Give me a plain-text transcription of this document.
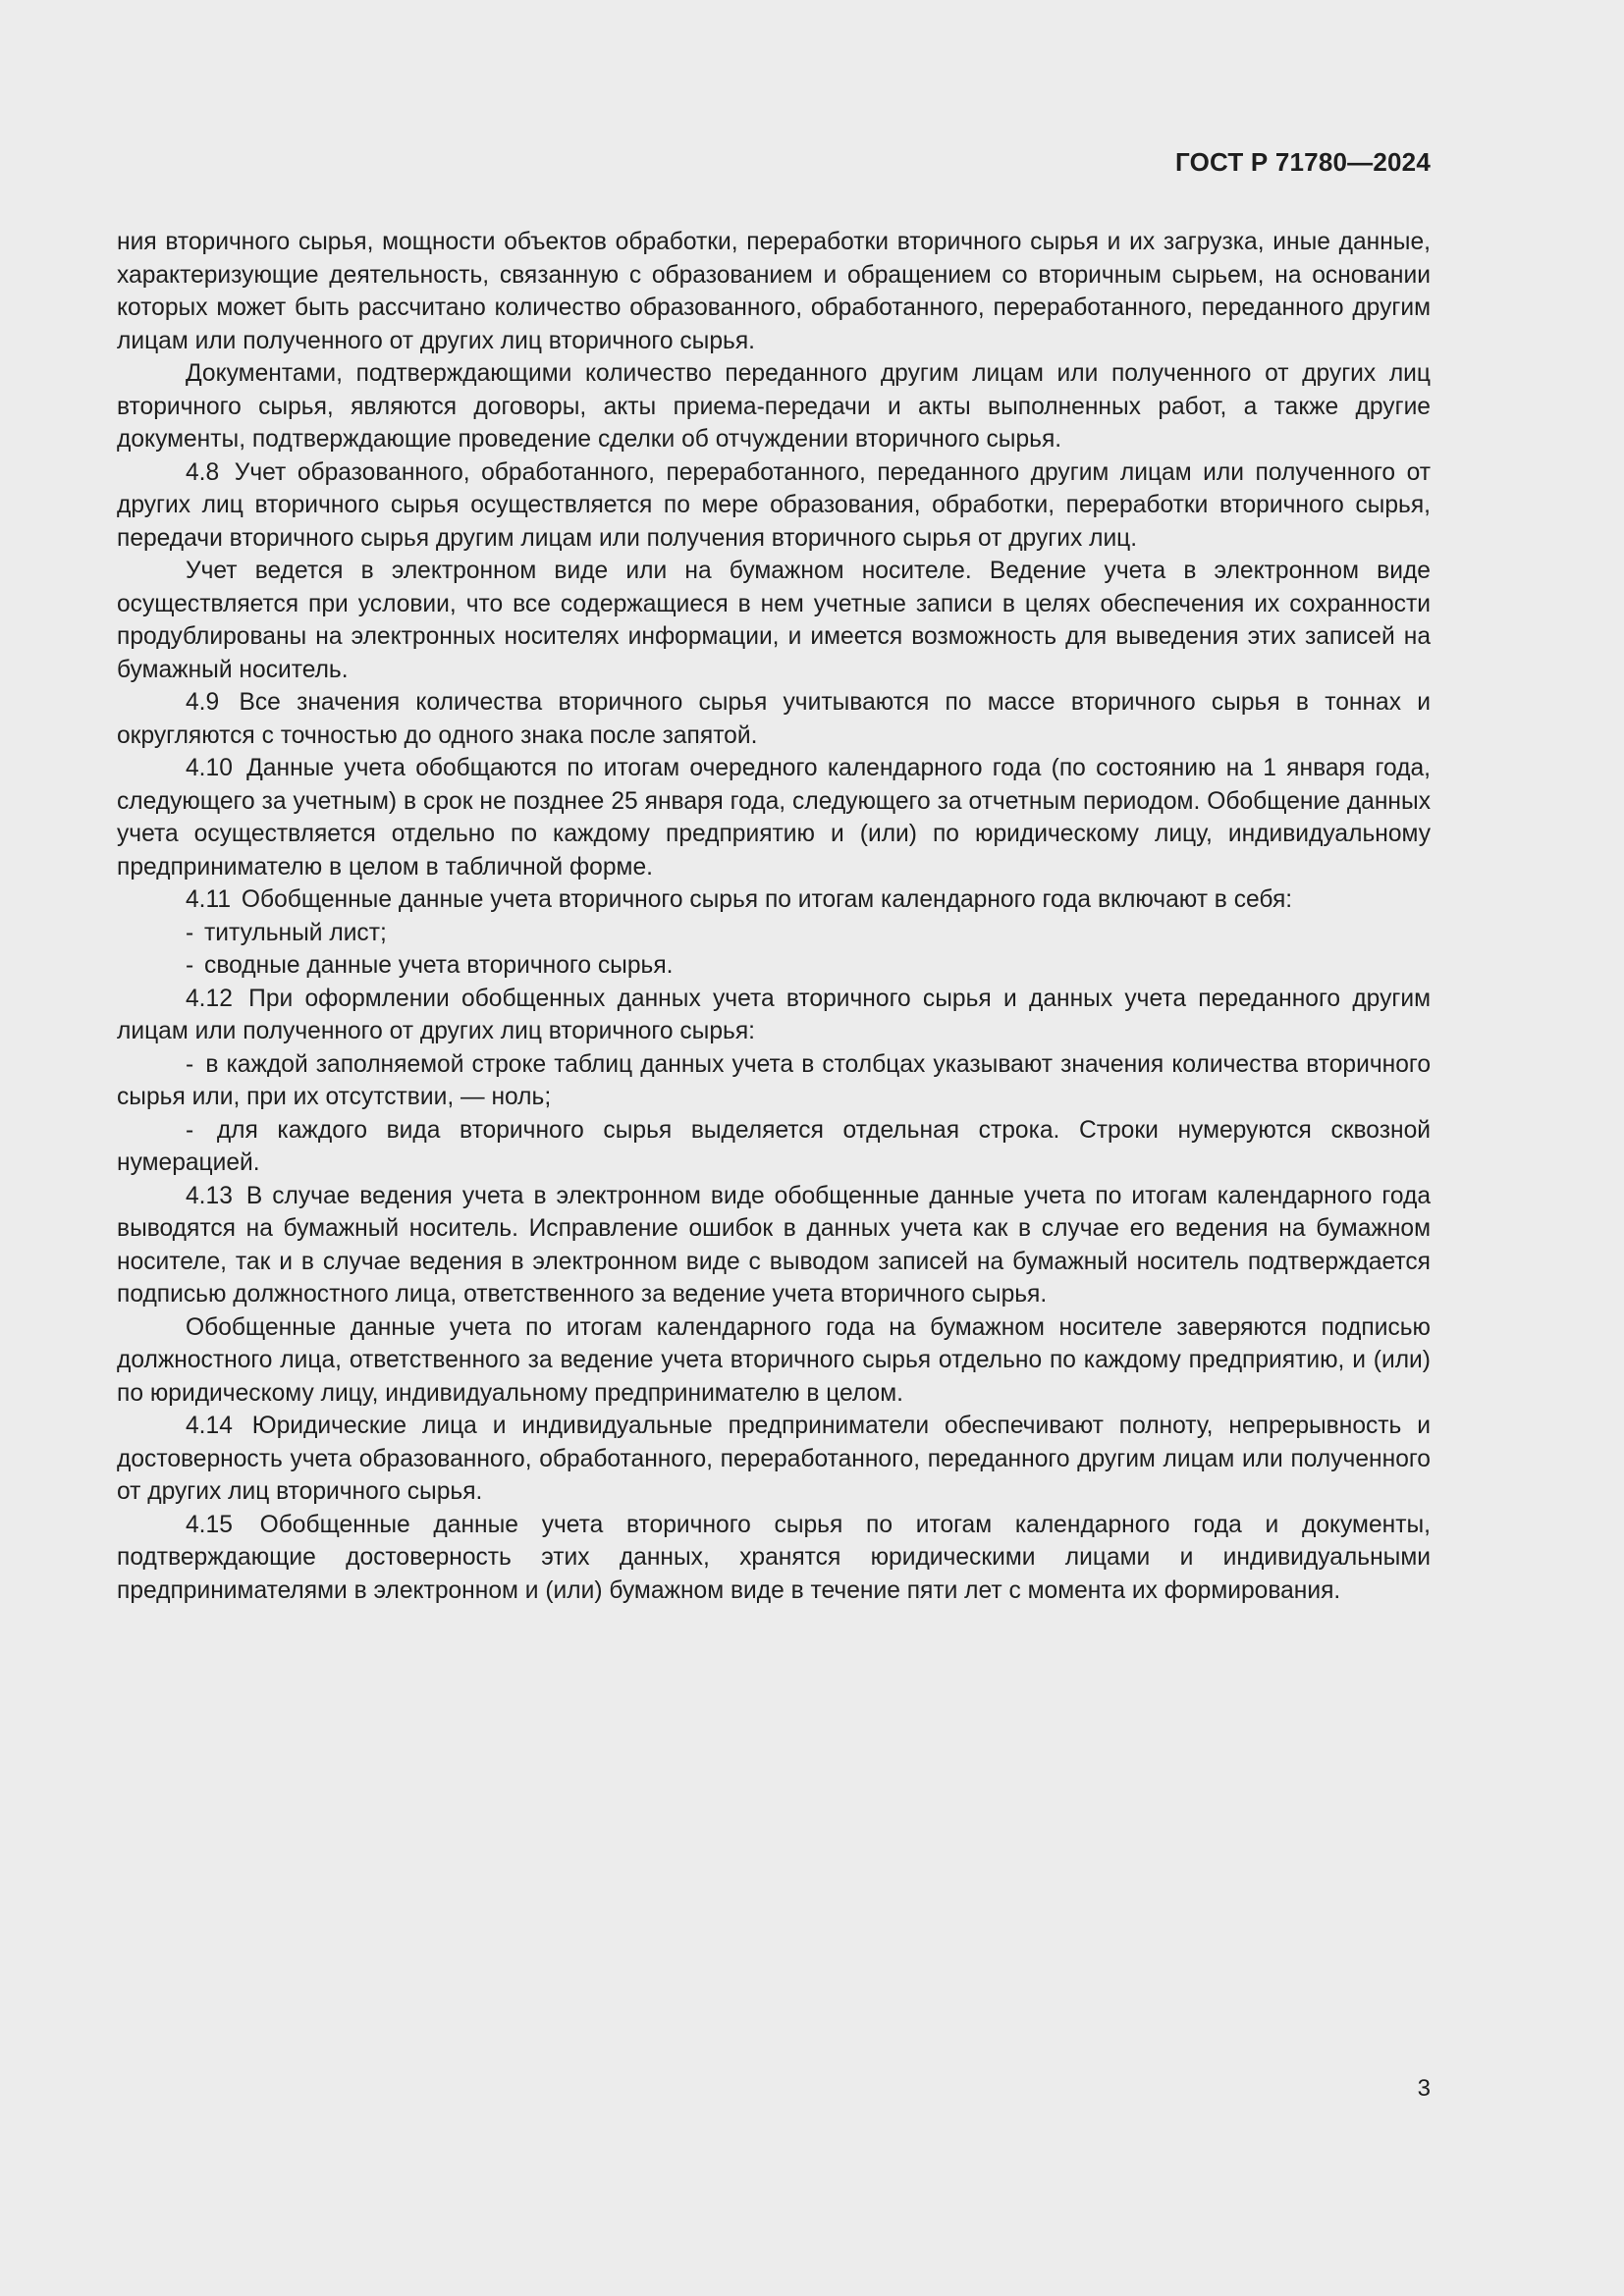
ГОСТ Р 71780—2024

ния вторичного сырья, мощности объектов обработки, переработки вторичного сырья и их загрузка, иные данные, характеризующие деятельность, связанную с образованием и обращением со вторичным сырьем, на основании которых может быть рассчитано количество образованного, обработанного, переработанного, переданного другим лицам или полученного от других лиц вторичного сырья.

Документами, подтверждающими количество переданного другим лицам или полученного от других лиц вторичного сырья, являются договоры, акты приема-передачи и акты выполненных работ, а также другие документы, подтверждающие проведение сделки об отчуждении вторичного сырья.

4.8 Учет образованного, обработанного, переработанного, переданного другим лицам или полученного от других лиц вторичного сырья осуществляется по мере образования, обработки, переработки вторичного сырья, передачи вторичного сырья другим лицам или получения вторичного сырья от других лиц.

Учет ведется в электронном виде или на бумажном носителе. Ведение учета в электронном виде осуществляется при условии, что все содержащиеся в нем учетные записи в целях обеспечения их сохранности продублированы на электронных носителях информации, и имеется возможность для выведения этих записей на бумажный носитель.

4.9 Все значения количества вторичного сырья учитываются по массе вторичного сырья в тоннах и округляются с точностью до одного знака после запятой.

4.10 Данные учета обобщаются по итогам очередного календарного года (по состоянию на 1 января года, следующего за учетным) в срок не позднее 25 января года, следующего за отчетным периодом. Обобщение данных учета осуществляется отдельно по каждому предприятию и (или) по юридическому лицу, индивидуальному предпринимателю в целом в табличной форме.

4.11 Обобщенные данные учета вторичного сырья по итогам календарного года включают в себя:

- титульный лист;

- сводные данные учета вторичного сырья.

4.12 При оформлении обобщенных данных учета вторичного сырья и данных учета переданного другим лицам или полученного от других лиц вторичного сырья:

- в каждой заполняемой строке таблиц данных учета в столбцах указывают значения количества вторичного сырья или, при их отсутствии, — ноль;

- для каждого вида вторичного сырья выделяется отдельная строка. Строки нумеруются сквозной нумерацией.

4.13 В случае ведения учета в электронном виде обобщенные данные учета по итогам календарного года выводятся на бумажный носитель. Исправление ошибок в данных учета как в случае его ведения на бумажном носителе, так и в случае ведения в электронном виде с выводом записей на бумажный носитель подтверждается подписью должностного лица, ответственного за ведение учета вторичного сырья.

Обобщенные данные учета по итогам календарного года на бумажном носителе заверяются подписью должностного лица, ответственного за ведение учета вторичного сырья отдельно по каждому предприятию, и (или) по юридическому лицу, индивидуальному предпринимателю в целом.

4.14 Юридические лица и индивидуальные предприниматели обеспечивают полноту, непрерывность и достоверность учета образованного, обработанного, переработанного, переданного другим лицам или полученного от других лиц вторичного сырья.

4.15 Обобщенные данные учета вторичного сырья по итогам календарного года и документы, подтверждающие достоверность этих данных, хранятся юридическими лицами и индивидуальными предпринимателями в электронном и (или) бумажном виде в течение пяти лет с момента их формирования.

3
